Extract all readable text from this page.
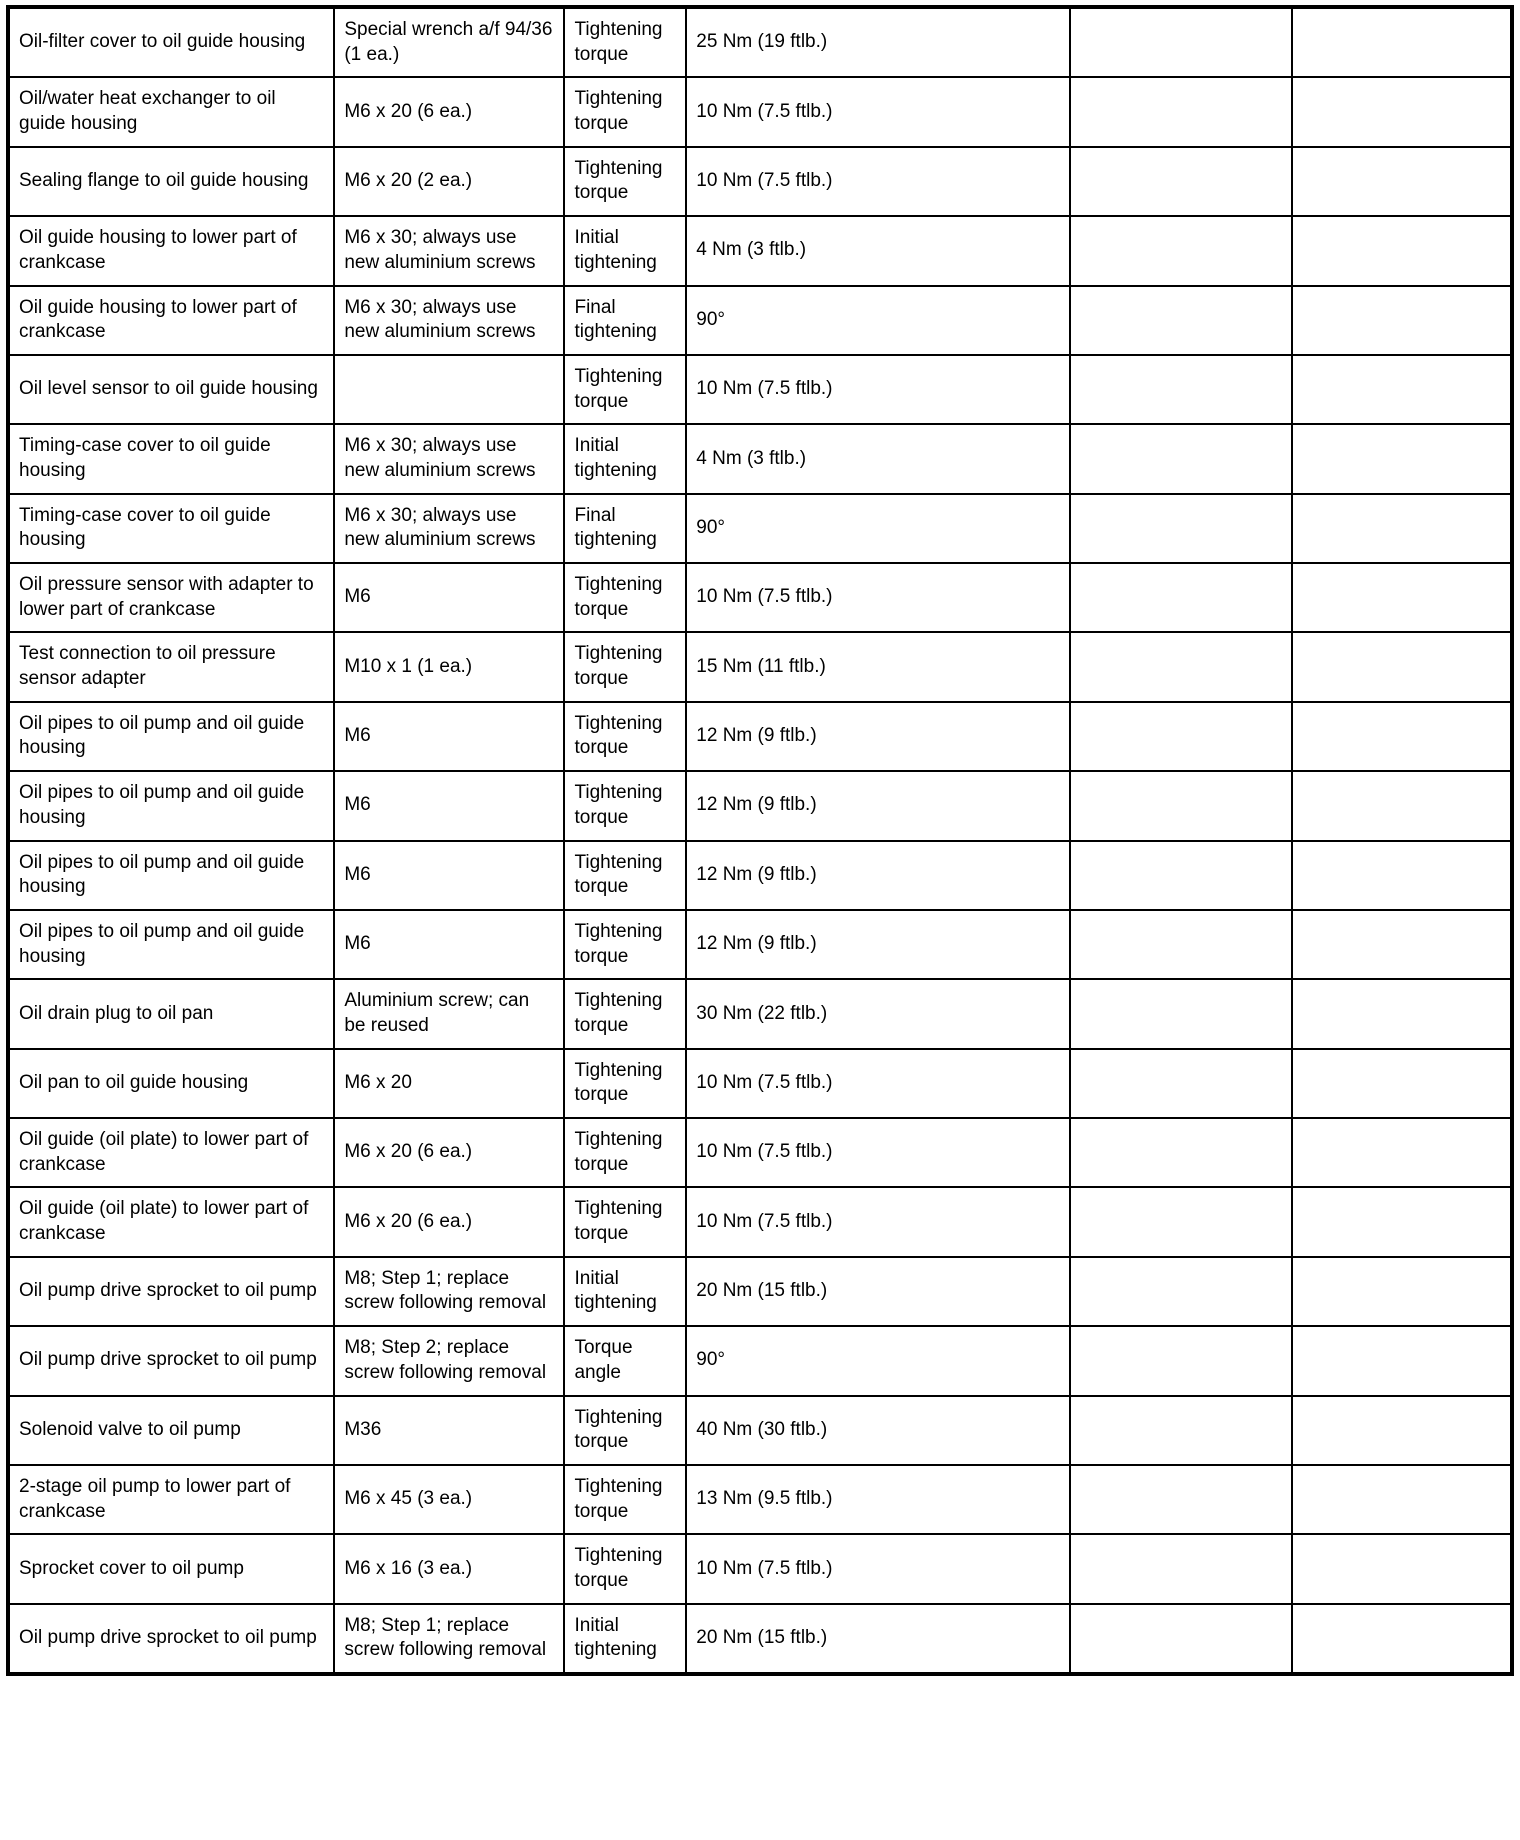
Oil-filter cover to oil guide housing	Special wrench a/f 94/36 (1 ea.)	Tightening torque	25 Nm (19 ftlb.)		
Oil/water heat exchanger to oil guide housing	M6 x 20 (6 ea.)	Tightening torque	10 Nm (7.5 ftlb.)		
Sealing flange to oil guide housing	M6 x 20 (2 ea.)	Tightening torque	10 Nm (7.5 ftlb.)		
Oil guide housing to lower part of crankcase	M6 x 30; always use new aluminium screws	Initial tightening	4 Nm (3 ftlb.)		
Oil guide housing to lower part of crankcase	M6 x 30; always use new aluminium screws	Final tightening	90°		
Oil level sensor to oil guide housing		Tightening torque	10 Nm (7.5 ftlb.)		
Timing-case cover to oil guide housing	M6 x 30; always use new aluminium screws	Initial tightening	4 Nm (3 ftlb.)		
Timing-case cover to oil guide housing	M6 x 30; always use new aluminium screws	Final tightening	90°		
Oil pressure sensor with adapter to lower part of crankcase	M6	Tightening torque	10 Nm (7.5 ftlb.)		
Test connection to oil pressure sensor adapter	M10 x 1 (1 ea.)	Tightening torque	15 Nm (11 ftlb.)		
Oil pipes to oil pump and oil guide housing	M6	Tightening torque	12 Nm (9 ftlb.)		
Oil pipes to oil pump and oil guide housing	M6	Tightening torque	12 Nm (9 ftlb.)		
Oil pipes to oil pump and oil guide housing	M6	Tightening torque	12 Nm (9 ftlb.)		
Oil pipes to oil pump and oil guide housing	M6	Tightening torque	12 Nm (9 ftlb.)		
Oil drain plug to oil pan	Aluminium screw; can be reused	Tightening torque	30 Nm (22 ftlb.)		
Oil pan to oil guide housing	M6 x 20	Tightening torque	10 Nm (7.5 ftlb.)		
Oil guide (oil plate) to lower part of crankcase	M6 x 20 (6 ea.)	Tightening torque	10 Nm (7.5 ftlb.)		
Oil guide (oil plate) to lower part of crankcase	M6 x 20 (6 ea.)	Tightening torque	10 Nm (7.5 ftlb.)		
Oil pump drive sprocket to oil pump	M8; Step 1; replace screw following removal	Initial tightening	20 Nm (15 ftlb.)		
Oil pump drive sprocket to oil pump	M8; Step 2; replace screw following removal	Torque angle	90°		
Solenoid valve to oil pump	M36	Tightening torque	40 Nm (30 ftlb.)		
2-stage oil pump to lower part of crankcase	M6 x 45 (3 ea.)	Tightening torque	13 Nm (9.5 ftlb.)		
Sprocket cover to oil pump	M6 x 16 (3 ea.)	Tightening torque	10 Nm (7.5 ftlb.)		
Oil pump drive sprocket to oil pump	M8; Step 1; replace screw following removal	Initial tightening	20 Nm (15 ftlb.)		
